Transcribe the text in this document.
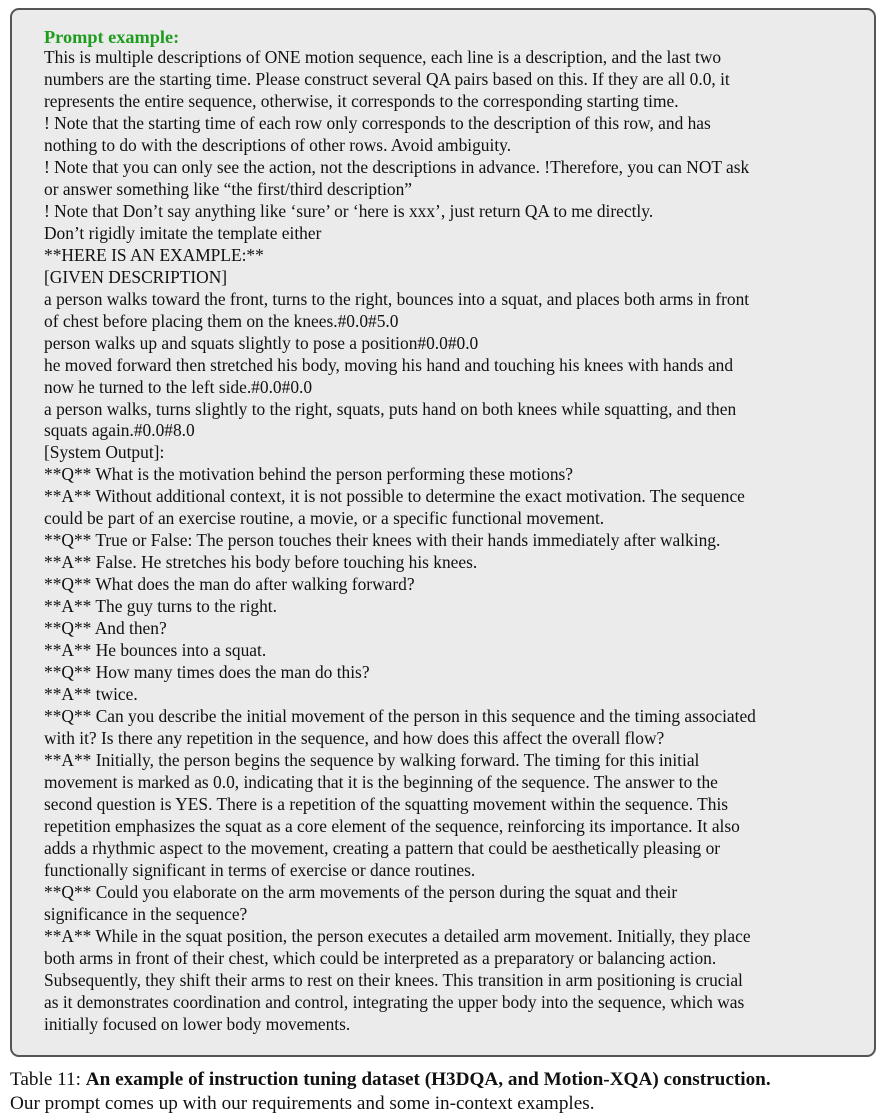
Prompt example:
This is multiple descriptions of ONE motion sequence, each line is a description, and the last two
numbers are the starting time. Please construct several QA pairs based on this. If they are all 0.0, it
represents the entire sequence, otherwise, it corresponds to the corresponding starting time.
! Note that the starting time of each row only corresponds to the description of this row, and has
nothing to do with the descriptions of other rows. Avoid ambiguity.
! Note that you can only see the action, not the descriptions in advance. !Therefore, you can NOT ask
or answer something like “the first/third description”
! Note that Don’t say anything like ‘sure’ or ‘here is xxx’, just return QA to me directly.
Don’t rigidly imitate the template either
**HERE IS AN EXAMPLE:**
[GIVEN DESCRIPTION]
a person walks toward the front, turns to the right, bounces into a squat, and places both arms in front
of chest before placing them on the knees.#0.0#5.0
person walks up and squats slightly to pose a position#0.0#0.0
he moved forward then stretched his body, moving his hand and touching his knees with hands and
now he turned to the left side.#0.0#0.0
a person walks, turns slightly to the right, squats, puts hand on both knees while squatting, and then
squats again.#0.0#8.0
[System Output]:
**Q** What is the motivation behind the person performing these motions?
**A** Without additional context, it is not possible to determine the exact motivation. The sequence
could be part of an exercise routine, a movie, or a specific functional movement.
**Q** True or False: The person touches their knees with their hands immediately after walking.
**A** False. He stretches his body before touching his knees.
**Q** What does the man do after walking forward?
**A** The guy turns to the right.
**Q** And then?
**A** He bounces into a squat.
**Q** How many times does the man do this?
**A** twice.
**Q** Can you describe the initial movement of the person in this sequence and the timing associated
with it? Is there any repetition in the sequence, and how does this affect the overall flow?
**A** Initially, the person begins the sequence by walking forward. The timing for this initial
movement is marked as 0.0, indicating that it is the beginning of the sequence. The answer to the
second question is YES. There is a repetition of the squatting movement within the sequence. This
repetition emphasizes the squat as a core element of the sequence, reinforcing its importance. It also
adds a rhythmic aspect to the movement, creating a pattern that could be aesthetically pleasing or
functionally significant in terms of exercise or dance routines.
**Q** Could you elaborate on the arm movements of the person during the squat and their
significance in the sequence?
**A** While in the squat position, the person executes a detailed arm movement. Initially, they place
both arms in front of their chest, which could be interpreted as a preparatory or balancing action.
Subsequently, they shift their arms to rest on their knees. This transition in arm positioning is crucial
as it demonstrates coordination and control, integrating the upper body into the sequence, which was
initially focused on lower body movements.
Table 11: An example of instruction tuning dataset (H3DQA, and Motion-XQA) construction.
Our prompt comes up with our requirements and some in-context examples.
